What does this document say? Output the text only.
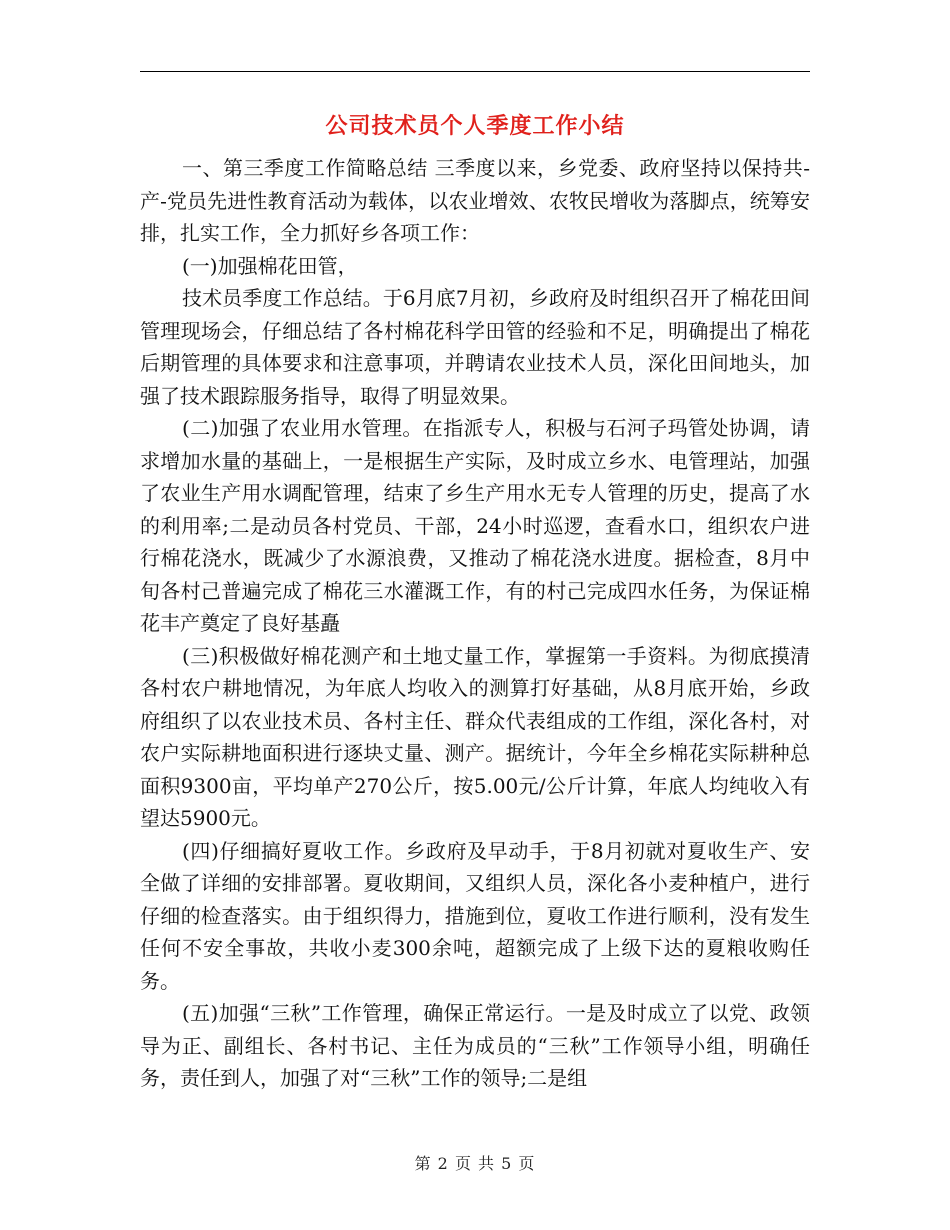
公司技术员个人季度工作小结

一、第三季度工作简略总结 三季度以来，乡党委、政府坚持以保持共-产-党员先进性教育活动为载体，以农业增效、农牧民增收为落脚点，统筹安排，扎实工作，全力抓好乡各项工作：

(一)加强棉花田管，

技术员季度工作总结。于6月底7月初，乡政府及时组织召开了棉花田间管理现场会，仔细总结了各村棉花科学田管的经验和不足，明确提出了棉花后期管理的具体要求和注意事项，并聘请农业技术人员，深化田间地头，加强了技术跟踪服务指导，取得了明显效果。

(二)加强了农业用水管理。在指派专人，积极与石河子玛管处协调，请求增加水量的基础上，一是根据生产实际，及时成立乡水、电管理站，加强了农业生产用水调配管理，结束了乡生产用水无专人管理的历史，提高了水的利用率;二是动员各村党员、干部，24小时巡逻，查看水口，组织农户进行棉花浇水，既减少了水源浪费，又推动了棉花浇水进度。据检查，8月中旬各村己普遍完成了棉花三水灌溉工作，有的村己完成四水任务，为保证棉花丰产奠定了良好基矗

(三)积极做好棉花测产和土地丈量工作，掌握第一手资料。为彻底摸清各村农户耕地情况，为年底人均收入的测算打好基础，从8月底开始，乡政府组织了以农业技术员、各村主任、群众代表组成的工作组，深化各村，对农户实际耕地面积进行逐块丈量、测产。据统计，今年全乡棉花实际耕种总面积9300亩，平均单产270公斤，按5.00元/公斤计算，年底人均纯收入有望达5900元。

(四)仔细搞好夏收工作。乡政府及早动手，于8月初就对夏收生产、安全做了详细的安排部署。夏收期间，又组织人员，深化各小麦种植户，进行仔细的检查落实。由于组织得力，措施到位，夏收工作进行顺利，没有发生任何不安全事故，共收小麦300余吨，超额完成了上级下达的夏粮收购任务。

(五)加强“三秋”工作管理，确保正常运行。一是及时成立了以党、政领导为正、副组长、各村书记、主任为成员的“三秋”工作领导小组，明确任务，责任到人，加强了对“三秋”工作的领导;二是组

第 2 页 共 5 页
